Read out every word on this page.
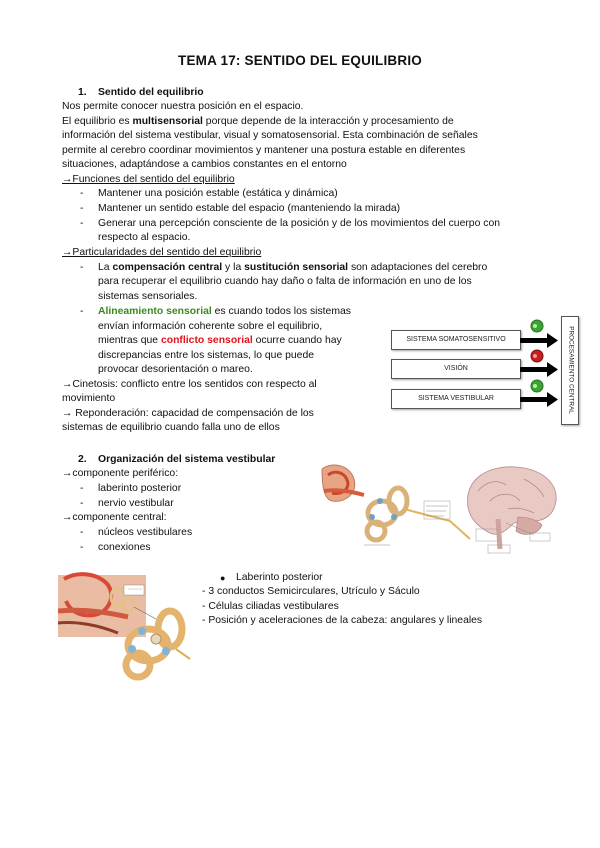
TEMA 17: SENTIDO DEL EQUILIBRIO
1. Sentido del equilibrio
Nos permite conocer nuestra posición en el espacio.
El equilibrio es multisensorial porque depende de la interacción y procesamiento de
información del sistema vestibular, visual y somatosensorial. Esta combinación de señales
permite al cerebro coordinar movimientos y mantener una postura estable en diferentes
situaciones, adaptándose a cambios constantes en el entorno
→Funciones del sentido del equilibrio
- Mantener una posición estable (estática y dinámica)
- Mantener un sentido estable del espacio (manteniendo la mirada)
- Generar una percepción consciente de la posición y de los movimientos del cuerpo con
respecto al espacio.
→Particularidades del sentido del equilibrio
- La compensación central y la sustitución sensorial son adaptaciones del cerebro
para recuperar el equilibrio cuando hay daño o falta de información en uno de los
sistemas sensoriales.
- Alineamiento sensorial es cuando todos los sistemas
envían información coherente sobre el equilibrio,
mientras que conflicto sensorial ocurre cuando hay
discrepancias entre los sistemas, lo que puede
provocar desorientación o mareo.
→Cinetosis: conflicto entre los sentidos con respecto al
movimiento
→ Reponderación: capacidad de compensación de los
sistemas de equilibrio cuando falla uno de ellos
SISTEMA SOMATOSENSITIVO
VISIÓN
SISTEMA VESTIBULAR	PROCESAMIENTO CENTRAL
2. Organización del sistema vestibular
→componente periférico:
- laberinto posterior
- nervio vestibular
→componente central:
- núcleos vestibulares
- conexiones
● Laberinto posterior
- 3 conductos Semicirculares, Utrículo y Sáculo
- Células ciliadas vestibulares
- Posición y aceleraciones de la cabeza: angulares y lineales
